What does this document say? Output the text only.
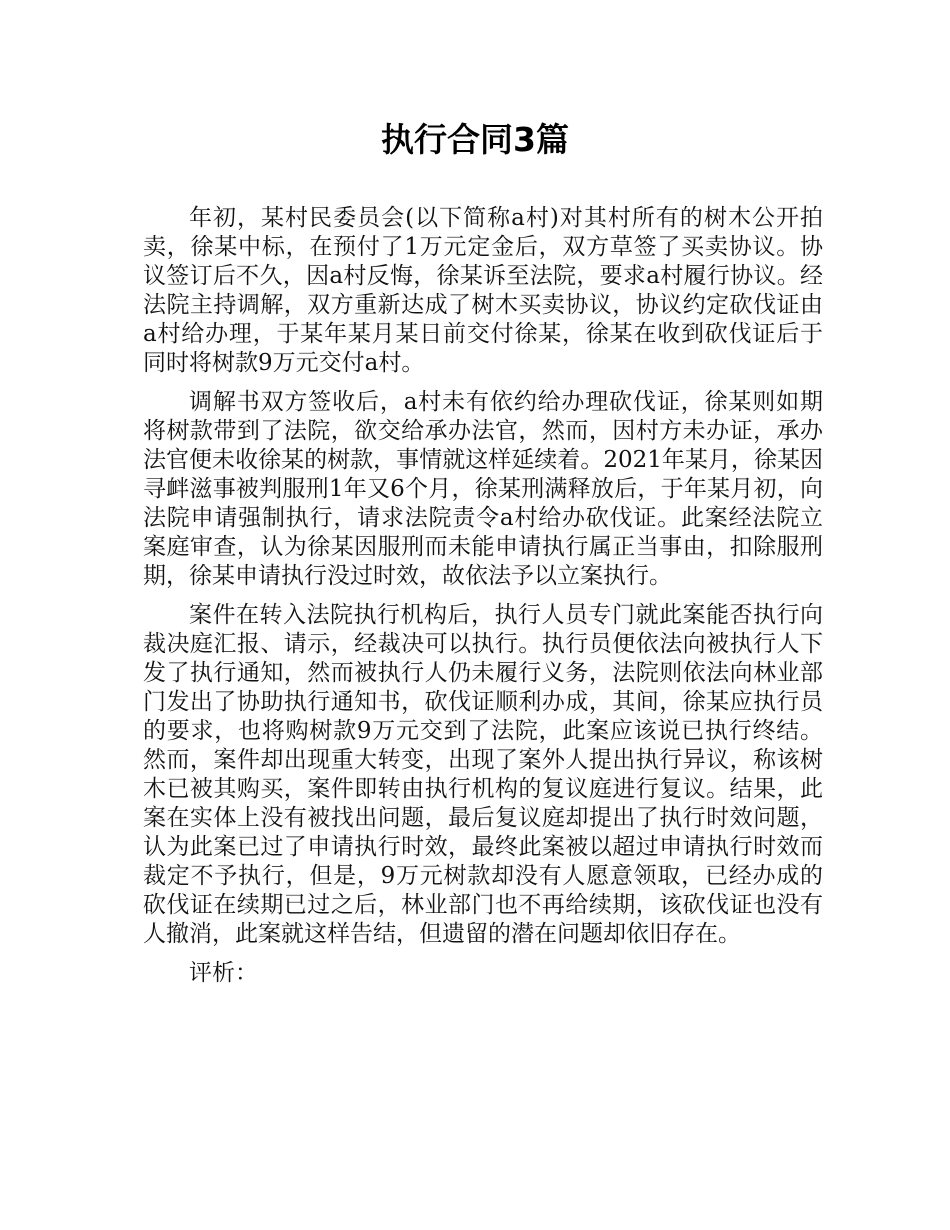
执行合同3篇

年初，某村民委员会(以下简称a村)对其村所有的树木公开拍卖，徐某中标，在预付了1万元定金后，双方草签了买卖协议。协议签订后不久，因a村反悔，徐某诉至法院，要求a村履行协议。经法院主持调解，双方重新达成了树木买卖协议，协议约定砍伐证由a村给办理，于某年某月某日前交付徐某，徐某在收到砍伐证后于同时将树款9万元交付a村。

调解书双方签收后，a村未有依约给办理砍伐证，徐某则如期将树款带到了法院，欲交给承办法官，然而，因村方未办证，承办法官便未收徐某的树款，事情就这样延续着。2021年某月，徐某因寻衅滋事被判服刑1年又6个月，徐某刑满释放后，于年某月初，向法院申请强制执行，请求法院责令a村给办砍伐证。此案经法院立案庭审查，认为徐某因服刑而未能申请执行属正当事由，扣除服刑期，徐某申请执行没过时效，故依法予以立案执行。

案件在转入法院执行机构后，执行人员专门就此案能否执行向裁决庭汇报、请示，经裁决可以执行。执行员便依法向被执行人下发了执行通知，然而被执行人仍未履行义务，法院则依法向林业部门发出了协助执行通知书，砍伐证顺利办成，其间，徐某应执行员的要求，也将购树款9万元交到了法院，此案应该说已执行终结。然而，案件却出现重大转变，出现了案外人提出执行异议，称该树木已被其购买，案件即转由执行机构的复议庭进行复议。结果，此案在实体上没有被找出问题，最后复议庭却提出了执行时效问题，认为此案已过了申请执行时效，最终此案被以超过申请执行时效而裁定不予执行，但是，9万元树款却没有人愿意领取，已经办成的砍伐证在续期已过之后，林业部门也不再给续期，该砍伐证也没有人撤消，此案就这样告结，但遗留的潜在问题却依旧存在。

评析：
